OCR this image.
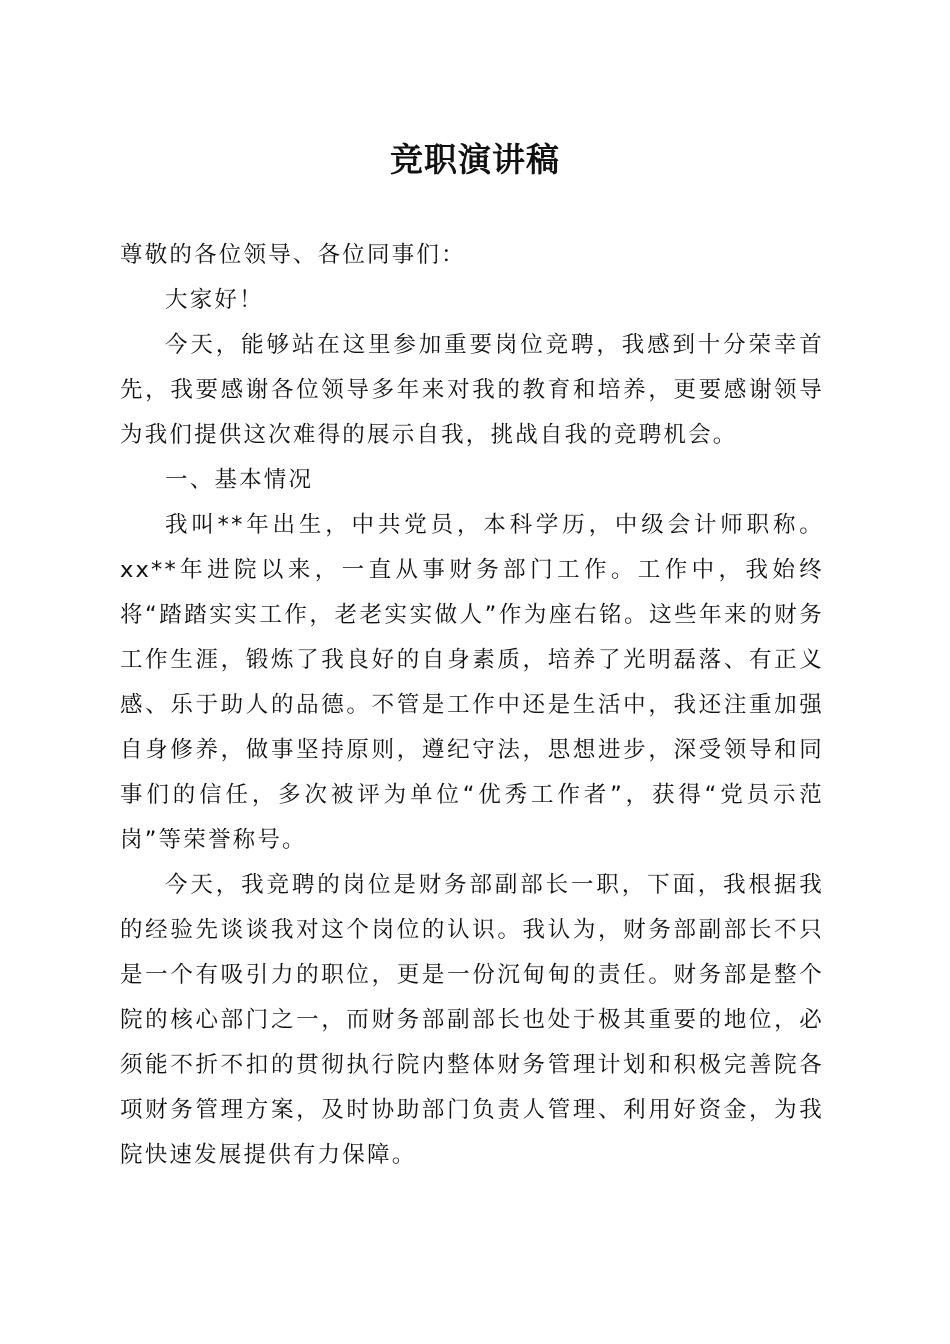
竞职演讲稿

尊敬的各位领导、各位同事们：

大家好！

今天，能够站在这里参加重要岗位竞聘，我感到十分荣幸首先，我要感谢各位领导多年来对我的教育和培养，更要感谢领导为我们提供这次难得的展示自我，挑战自我的竞聘机会。

一、基本情况

我叫**年出生，中共党员，本科学历，中级会计师职称。xx**年进院以来，一直从事财务部门工作。工作中，我始终将“踏踏实实工作，老老实实做人”作为座右铭。这些年来的财务工作生涯，锻炼了我良好的自身素质，培养了光明磊落、有正义感、乐于助人的品德。不管是工作中还是生活中，我还注重加强自身修养，做事坚持原则，遵纪守法，思想进步，深受领导和同事们的信任，多次被评为单位“优秀工作者”，获得“党员示范岗”等荣誉称号。

今天，我竞聘的岗位是财务部副部长一职，下面，我根据我的经验先谈谈我对这个岗位的认识。我认为，财务部副部长不只是一个有吸引力的职位，更是一份沉甸甸的责任。财务部是整个院的核心部门之一，而财务部副部长也处于极其重要的地位，必须能不折不扣的贯彻执行院内整体财务管理计划和积极完善院各项财务管理方案，及时协助部门负责人管理、利用好资金，为我院快速发展提供有力保障。
